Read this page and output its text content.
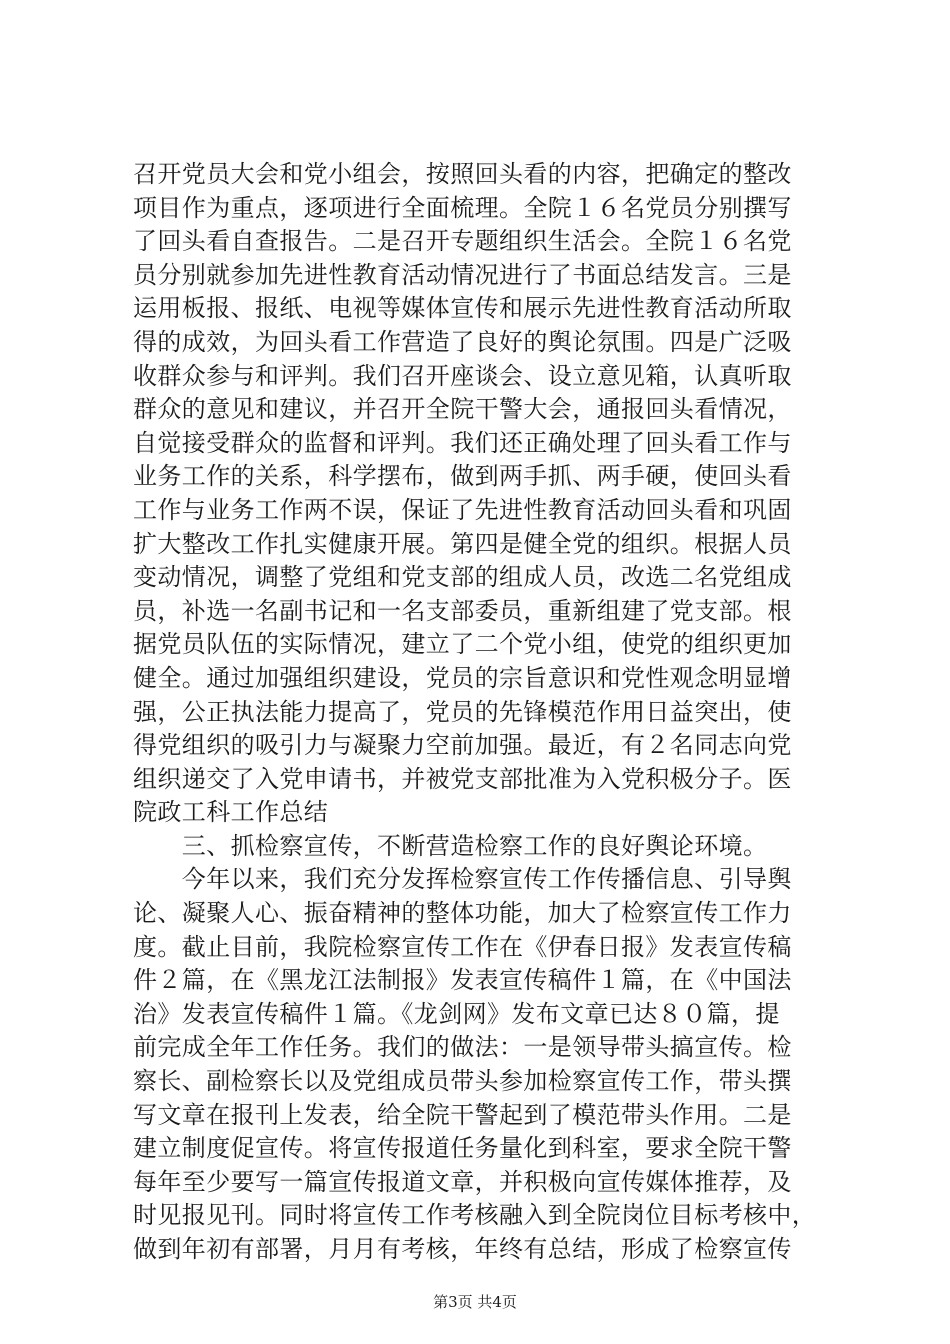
召开党员大会和党小组会，按照回头看的内容，把确定的整改
项目作为重点，逐项进行全面梳理。全院１６名党员分别撰写
了回头看自查报告。二是召开专题组织生活会。全院１６名党
员分别就参加先进性教育活动情况进行了书面总结发言。三是
运用板报、报纸、电视等媒体宣传和展示先进性教育活动所取
得的成效，为回头看工作营造了良好的舆论氛围。四是广泛吸
收群众参与和评判。我们召开座谈会、设立意见箱，认真听取
群众的意见和建议，并召开全院干警大会，通报回头看情况，
自觉接受群众的监督和评判。我们还正确处理了回头看工作与
业务工作的关系，科学摆布，做到两手抓、两手硬，使回头看
工作与业务工作两不误，保证了先进性教育活动回头看和巩固
扩大整改工作扎实健康开展。第四是健全党的组织。根据人员
变动情况，调整了党组和党支部的组成人员，改选二名党组成
员，补选一名副书记和一名支部委员，重新组建了党支部。根
据党员队伍的实际情况，建立了二个党小组，使党的组织更加
健全。通过加强组织建设，党员的宗旨意识和党性观念明显增
强，公正执法能力提高了，党员的先锋模范作用日益突出，使
得党组织的吸引力与凝聚力空前加强。最近，有２名同志向党
组织递交了入党申请书，并被党支部批准为入党积极分子。医
院政工科工作总结
　　三、抓检察宣传，不断营造检察工作的良好舆论环境。
　　今年以来，我们充分发挥检察宣传工作传播信息、引导舆
论、凝聚人心、振奋精神的整体功能，加大了检察宣传工作力
度。截止目前，我院检察宣传工作在《伊春日报》发表宣传稿
件２篇，在《黑龙江法制报》发表宣传稿件１篇，在《中国法
治》发表宣传稿件１篇。《龙剑网》发布文章已达８０篇，提
前完成全年工作任务。我们的做法：一是领导带头搞宣传。检
察长、副检察长以及党组成员带头参加检察宣传工作，带头撰
写文章在报刊上发表，给全院干警起到了模范带头作用。二是
建立制度促宣传。将宣传报道任务量化到科室，要求全院干警
每年至少要写一篇宣传报道文章，并积极向宣传媒体推荐，及
时见报见刊。同时将宣传工作考核融入到全院岗位目标考核中，
做到年初有部署，月月有考核，年终有总结，形成了检察宣传
第3页 共4页
